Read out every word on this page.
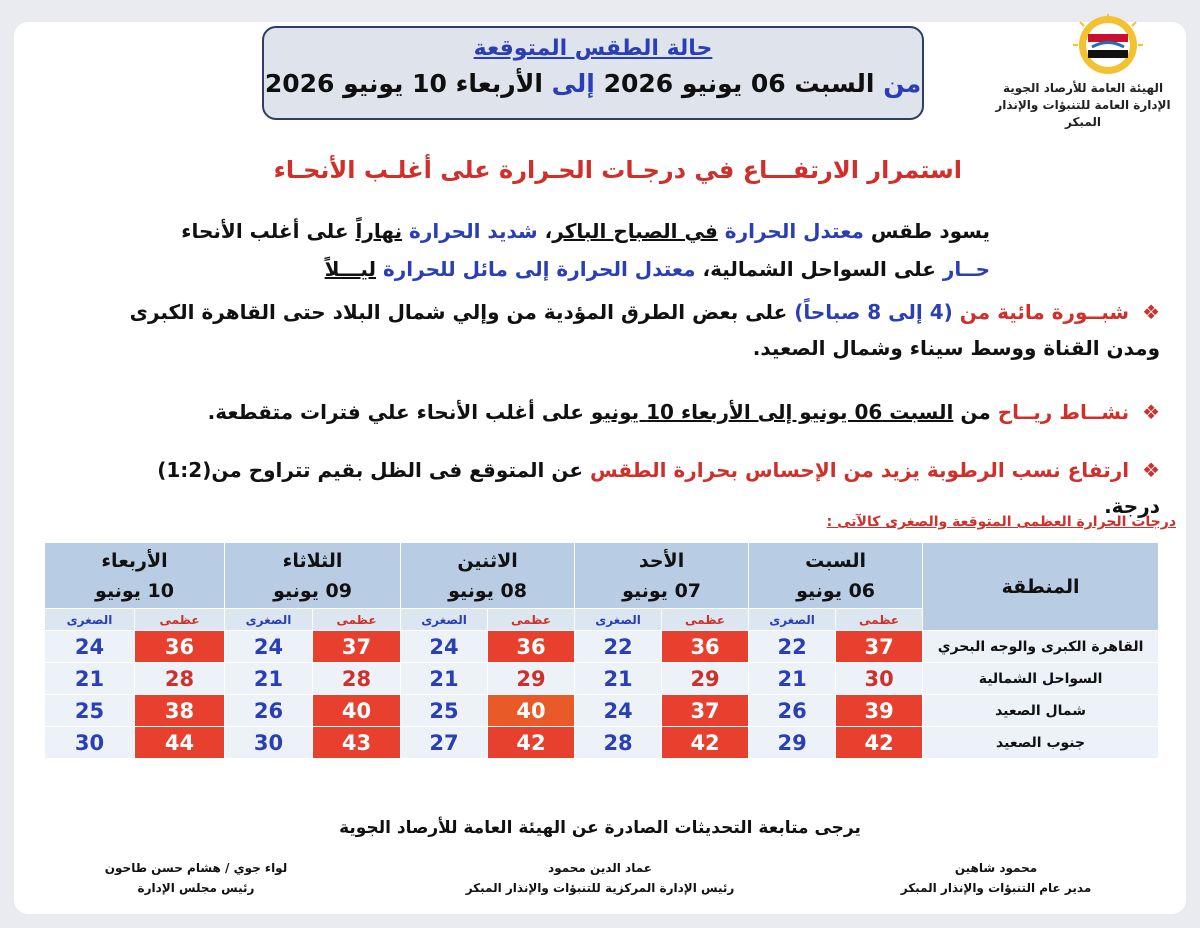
الهيئة العامة للأرصاد الجوية
الإدارة العامة للتنبؤات والإنذار المبكر
حالة الطقس المتوقعة
من السبت 06 يونيو 2026 إلى الأربعاء 10 يونيو 2026
استمرار الارتفـــاع في درجـات الحـرارة على أغلـب الأنحـاء
يسود طقس معتدل الحرارة في الصباح الباكر، شديد الحرارة نهاراً على أغلب الأنحاء
حــار على السواحل الشمالية، معتدل الحرارة إلى مائل للحرارة ليـــلاً
❖ شبــورة مائية من (4 إلى 8 صباحاً) على بعض الطرق المؤدية من وإلي شمال البلاد حتى القاهرة الكبرى
ومدن القناة ووسط سيناء وشمال الصعيد.
❖ نشــاط ريــاح من السبت 06 يونيو إلى الأربعاء 10 يونيو على أغلب الأنحاء علي فترات متقطعة.
❖ ارتفاع نسب الرطوبة يزيد من الإحساس بحرارة الطقس عن المتوقع فى الظل بقيم تتراوح من(1:2) درجة.
درجات الحرارة العظمى المتوقعة والصغرى كالآتى :
المنطقة	السبت
06 يونيو		الأحد
07 يونيو		الاثنين
08 يونيو		الثلاثاء
09 يونيو		الأربعاء
10 يونيو	
	عظمى	الصغرى	عظمى	الصغرى	عظمى	الصغرى	عظمى	الصغرى	عظمى	الصغرى
القاهرة الكبرى والوجه البحري	37	22	36	22	36	24	37	24	36	24
السواحل الشمالية	30	21	29	21	29	21	28	21	28	21
شمال الصعيد	39	26	37	24	40	25	40	26	38	25
جنوب الصعيد	42	29	42	28	42	27	43	30	44	30
يرجى متابعة التحديثات الصادرة عن الهيئة العامة للأرصاد الجوية
محمود شاهين
مدير عام التنبؤات والإنذار المبكر
عماد الدين محمود
رئيس الإدارة المركزية للتنبؤات والإنذار المبكر
لواء جوي / هشام حسن طاحون
رئيس مجلس الإدارة
